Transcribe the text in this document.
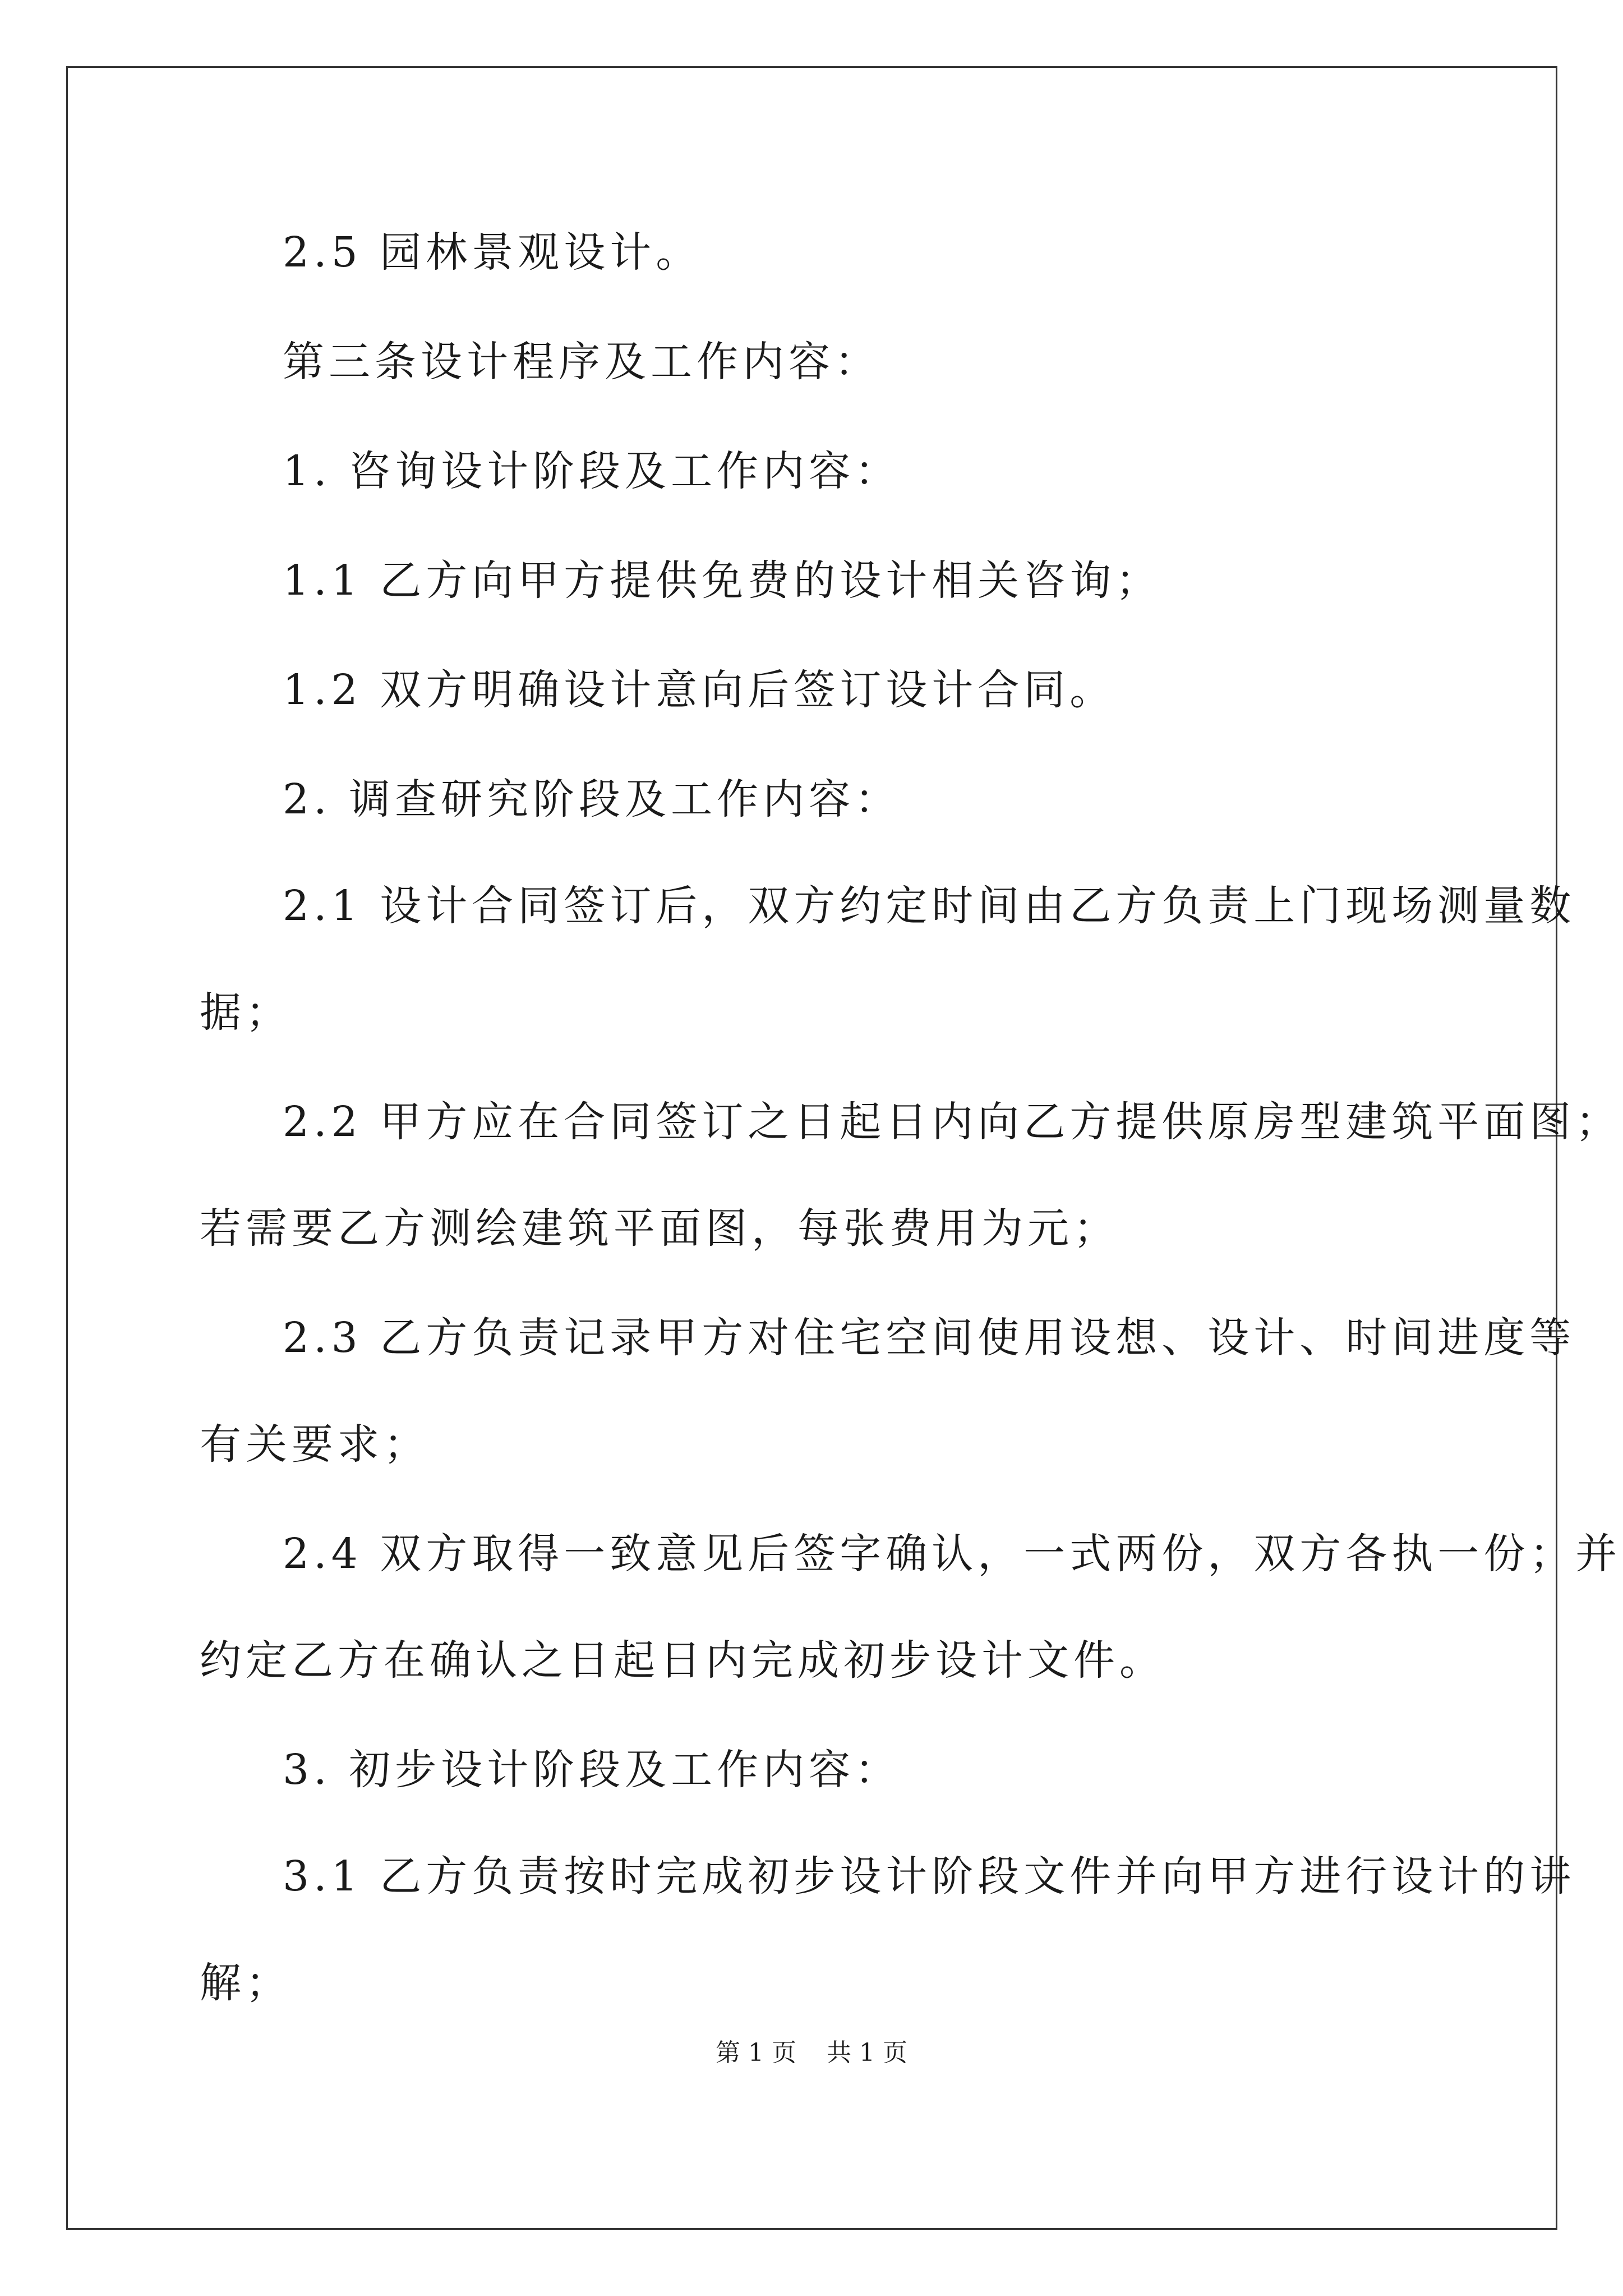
2.5 园林景观设计。
第三条设计程序及工作内容：
1. 咨询设计阶段及工作内容：
1.1 乙方向甲方提供免费的设计相关咨询；
1.2 双方明确设计意向后签订设计合同。
2. 调查研究阶段及工作内容：
2.1 设计合同签订后，双方约定时间由乙方负责上门现场测量数
据；
2.2 甲方应在合同签订之日起日内向乙方提供原房型建筑平面图；
若需要乙方测绘建筑平面图，每张费用为元；
2.3 乙方负责记录甲方对住宅空间使用设想、设计、时间进度等
有关要求；
2.4 双方取得一致意见后签字确认，一式两份，双方各执一份；并
约定乙方在确认之日起日内完成初步设计文件。
3. 初步设计阶段及工作内容：
3.1 乙方负责按时完成初步设计阶段文件并向甲方进行设计的讲
解；
第 1 页 共 1 页
